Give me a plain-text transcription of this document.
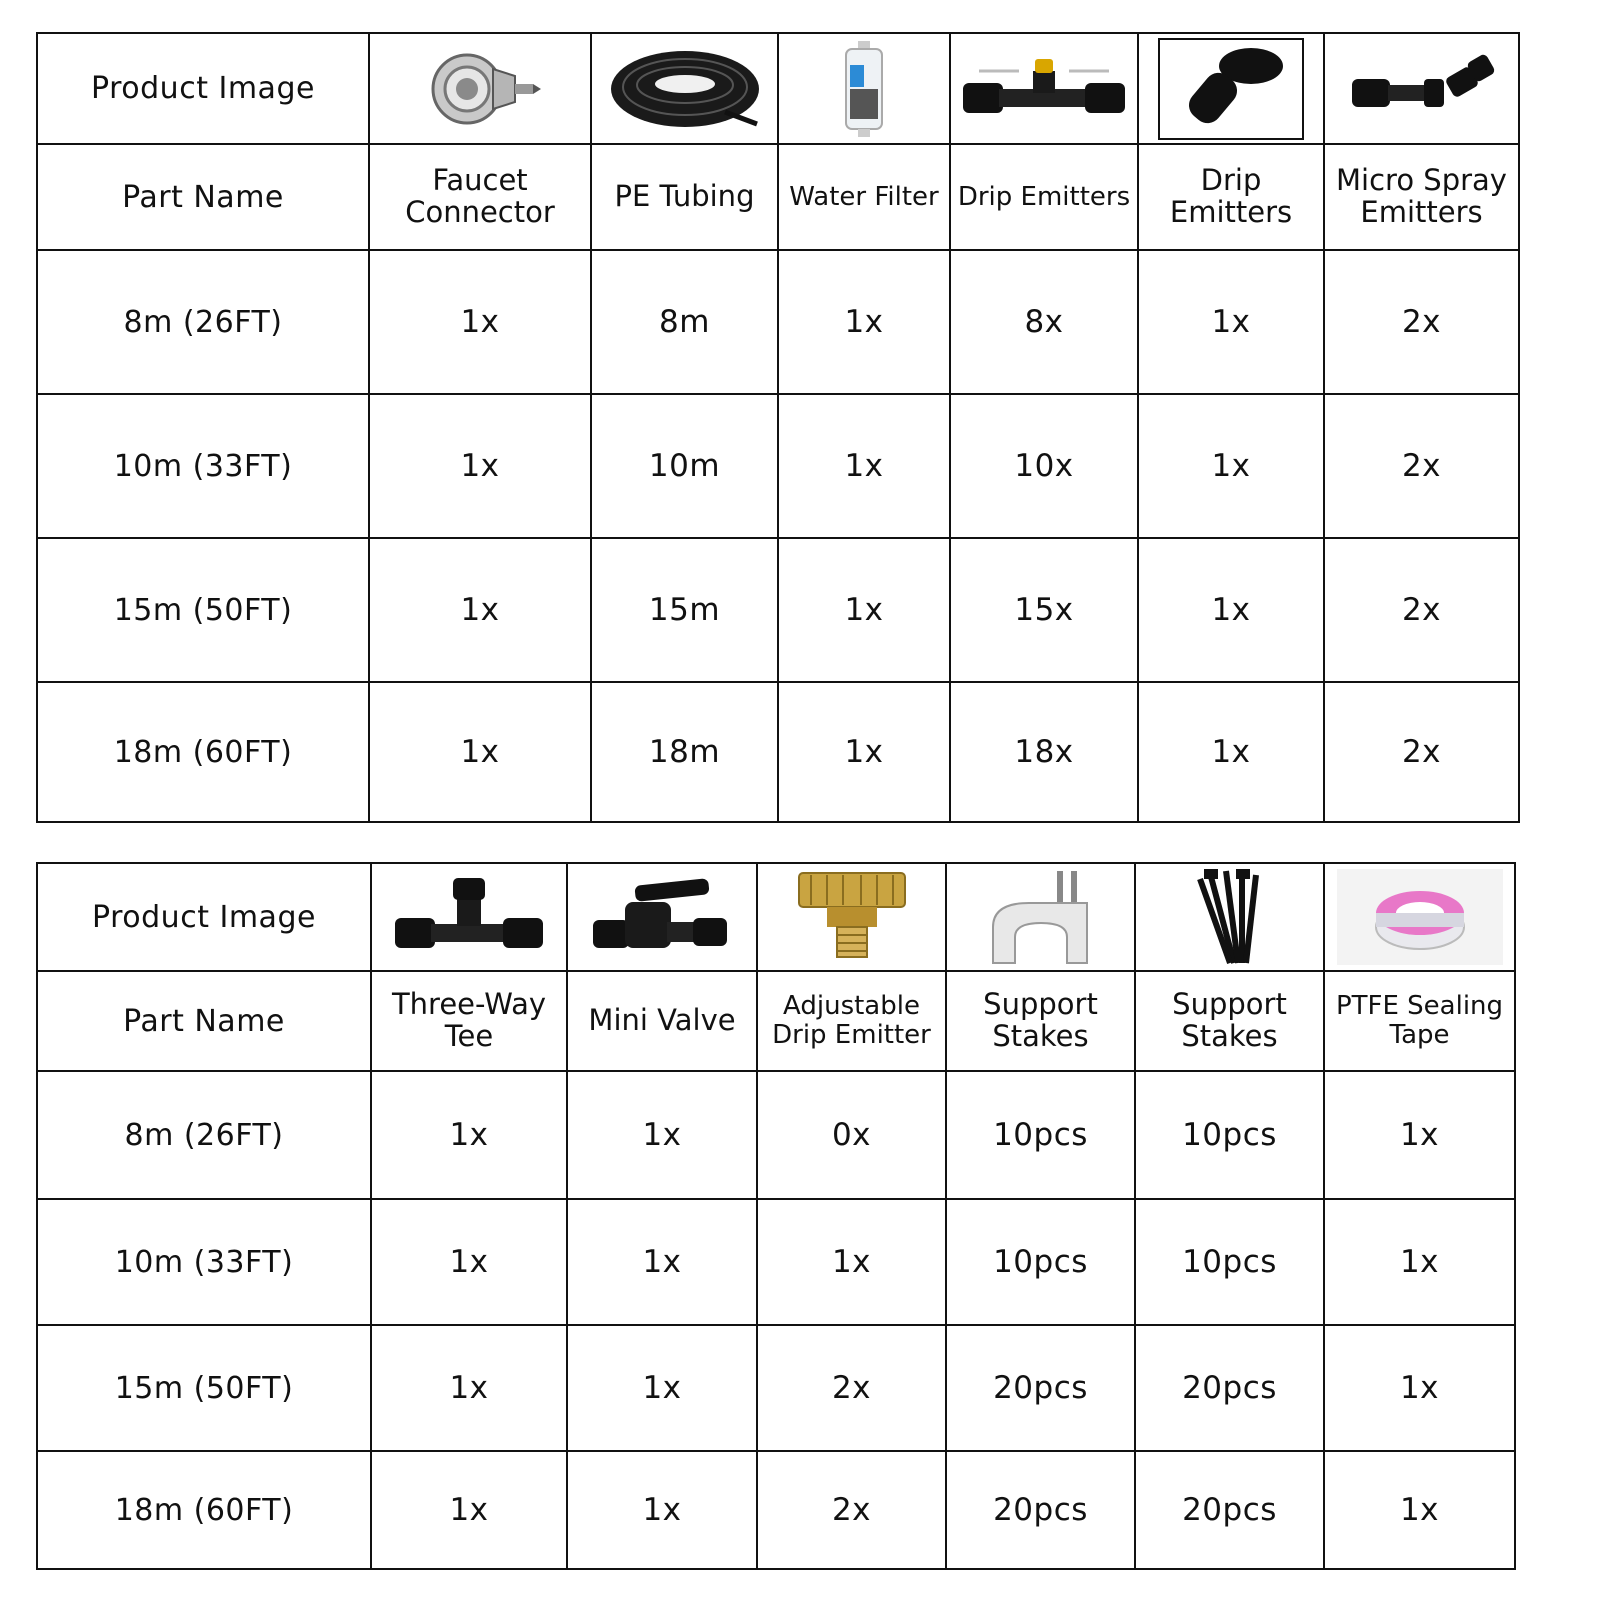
Product Image	

Part Name	Faucet Connector	PE Tubing	Water Filter	Drip Emitters	Drip Emitters	Micro Spray Emitters
8m (26FT)	1x	8m	1x	8x	1x	2x
10m (33FT)	1x	10m	1x	10x	1x	2x
15m (50FT)	1x	15m	1x	15x	1x	2x
18m (60FT)	1x	18m	1x	18x	1x	2x
Product Image	

Part Name	Three-Way Tee	Mini Valve	Adjustable Drip Emitter	Support Stakes	Support Stakes	PTFE Sealing Tape
8m (26FT)	1x	1x	0x	10pcs	10pcs	1x
10m (33FT)	1x	1x	1x	10pcs	10pcs	1x
15m (50FT)	1x	1x	2x	20pcs	20pcs	1x
18m (60FT)	1x	1x	2x	20pcs	20pcs	1x
